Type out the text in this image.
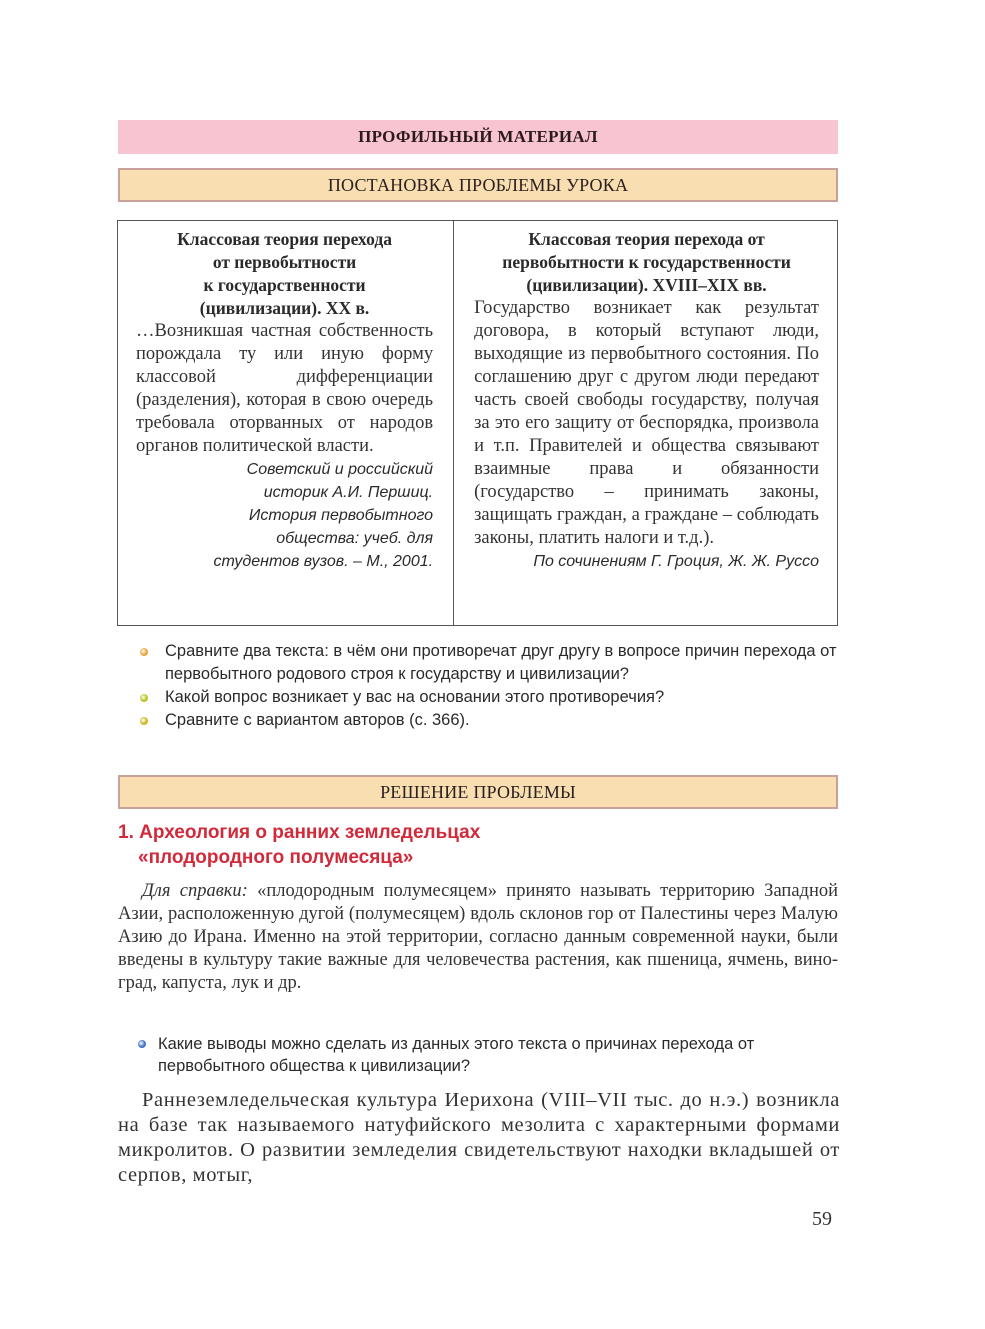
ПРОФИЛЬНЫЙ МАТЕРИАЛ
ПОСТАНОВКА ПРОБЛЕМЫ УРОКА
Классовая теория перехода
от первобытности
к государственности
(цивилизации). XX в.
…Возникшая частная собственность порождала ту или иную форму классовой дифференциации (разделения), которая в свою очередь требовала оторванных от народов органов политической власти.
Советский и российский
историк А.И. Першиц.
История первобытного
общества: учеб. для
студентов вузов. – М., 2001.
Классовая теория перехода от первобытности к государственности (цивилизации). XVIII–XIX вв.
Государство возникает как результат договора, в который вступают люди, выходящие из первобытного состояния. По соглашению друг с другом люди передают часть своей свободы государству, получая за это его защиту от беспорядка, произвола и т.п. Правителей и общества связывают взаимные права и обязанности (государство – принимать законы, защищать граждан, а граждане – соблюдать законы, платить налоги и т.д.).
По сочинениям Г. Гроция, Ж. Ж. Руссо
Сравните два текста: в чём они противоречат друг другу в вопросе причин перехода от первобытного родового строя к государству и цивилизации?
Какой вопрос возникает у вас на основании этого противоречия?
Сравните с вариантом авторов (с. 366).
РЕШЕНИЕ ПРОБЛЕМЫ
1. Археология о ранних земледельцах
«плодородного полумесяца»
Для справки: «плодородным полумесяцем» принято называть территорию Западной Азии, расположенную дугой (полумесяцем) вдоль склонов гор от Палестины через Малую Азию до Ирана. Именно на этой территории, согласно данным современной науки, были введены в культуру такие важные для человечества растения, как пшеница, ячмень, виноград, капуста, лук и др.
Какие выводы можно сделать из данных этого текста о причинах перехода от первобытного общества к цивилизации?
Раннеземледельческая культура Иерихона (VIII–VII тыс. до н.э.) возникла на базе так называемого натуфийского мезолита с характерными формами микролитов. О развитии земледелия свидетельствуют находки вкладышей от серпов, мотыг,
59
